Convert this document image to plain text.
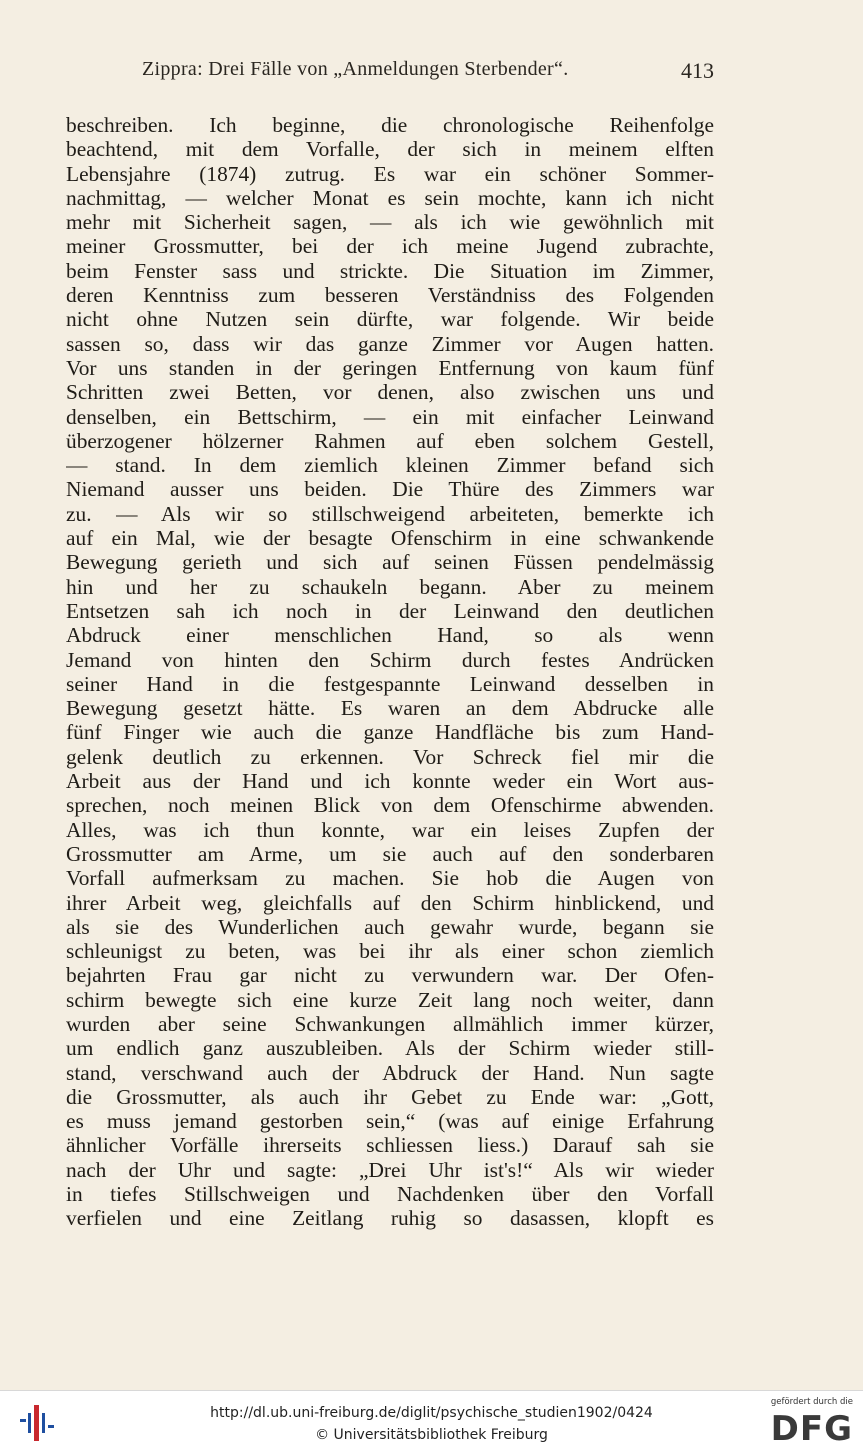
Zippra: Drei Fälle von „Anmeldungen Sterbender“.	413
beschreiben. Ich beginne, die chronologische Reihenfolge
beachtend, mit dem Vorfalle, der sich in meinem elften
Lebensjahre (1874) zutrug. Es war ein schöner Sommer-
nachmittag, — welcher Monat es sein mochte, kann ich nicht
mehr mit Sicherheit sagen, — als ich wie gewöhnlich mit
meiner Grossmutter, bei der ich meine Jugend zubrachte,
beim Fenster sass und strickte. Die Situation im Zimmer,
deren Kenntniss zum besseren Verständniss des Folgenden
nicht ohne Nutzen sein dürfte, war folgende. Wir beide
sassen so, dass wir das ganze Zimmer vor Augen hatten.
Vor uns standen in der geringen Entfernung von kaum fünf
Schritten zwei Betten, vor denen, also zwischen uns und
denselben, ein Bettschirm, — ein mit einfacher Leinwand
überzogener hölzerner Rahmen auf eben solchem Gestell,
— stand. In dem ziemlich kleinen Zimmer befand sich
Niemand ausser uns beiden. Die Thüre des Zimmers war
zu. — Als wir so stillschweigend arbeiteten, bemerkte ich
auf ein Mal, wie der besagte Ofenschirm in eine schwankende
Bewegung gerieth und sich auf seinen Füssen pendelmässig
hin und her zu schaukeln begann. Aber zu meinem
Entsetzen sah ich noch in der Leinwand den deutlichen
Abdruck einer menschlichen Hand, so als wenn
Jemand von hinten den Schirm durch festes Andrücken
seiner Hand in die festgespannte Leinwand desselben in
Bewegung gesetzt hätte. Es waren an dem Abdrucke alle
fünf Finger wie auch die ganze Handfläche bis zum Hand-
gelenk deutlich zu erkennen. Vor Schreck fiel mir die
Arbeit aus der Hand und ich konnte weder ein Wort aus-
sprechen, noch meinen Blick von dem Ofenschirme abwenden.
Alles, was ich thun konnte, war ein leises Zupfen der
Grossmutter am Arme, um sie auch auf den sonderbaren
Vorfall aufmerksam zu machen. Sie hob die Augen von
ihrer Arbeit weg, gleichfalls auf den Schirm hinblickend, und
als sie des Wunderlichen auch gewahr wurde, begann sie
schleunigst zu beten, was bei ihr als einer schon ziemlich
bejahrten Frau gar nicht zu verwundern war. Der Ofen-
schirm bewegte sich eine kurze Zeit lang noch weiter, dann
wurden aber seine Schwankungen allmählich immer kürzer,
um endlich ganz auszubleiben. Als der Schirm wieder still-
stand, verschwand auch der Abdruck der Hand. Nun sagte
die Grossmutter, als auch ihr Gebet zu Ende war: „Gott,
es muss jemand gestorben sein,“ (was auf einige Erfahrung
ähnlicher Vorfälle ihrerseits schliessen liess.) Darauf sah sie
nach der Uhr und sagte: „Drei Uhr ist's!“ Als wir wieder
in tiefes Stillschweigen und Nachdenken über den Vorfall
verfielen und eine Zeitlang ruhig so dasassen, klopft es
http://dl.ub.uni-freiburg.de/diglit/psychische_studien1902/0424
© Universitätsbibliothek Freiburg
gefördert durch die
DFG
